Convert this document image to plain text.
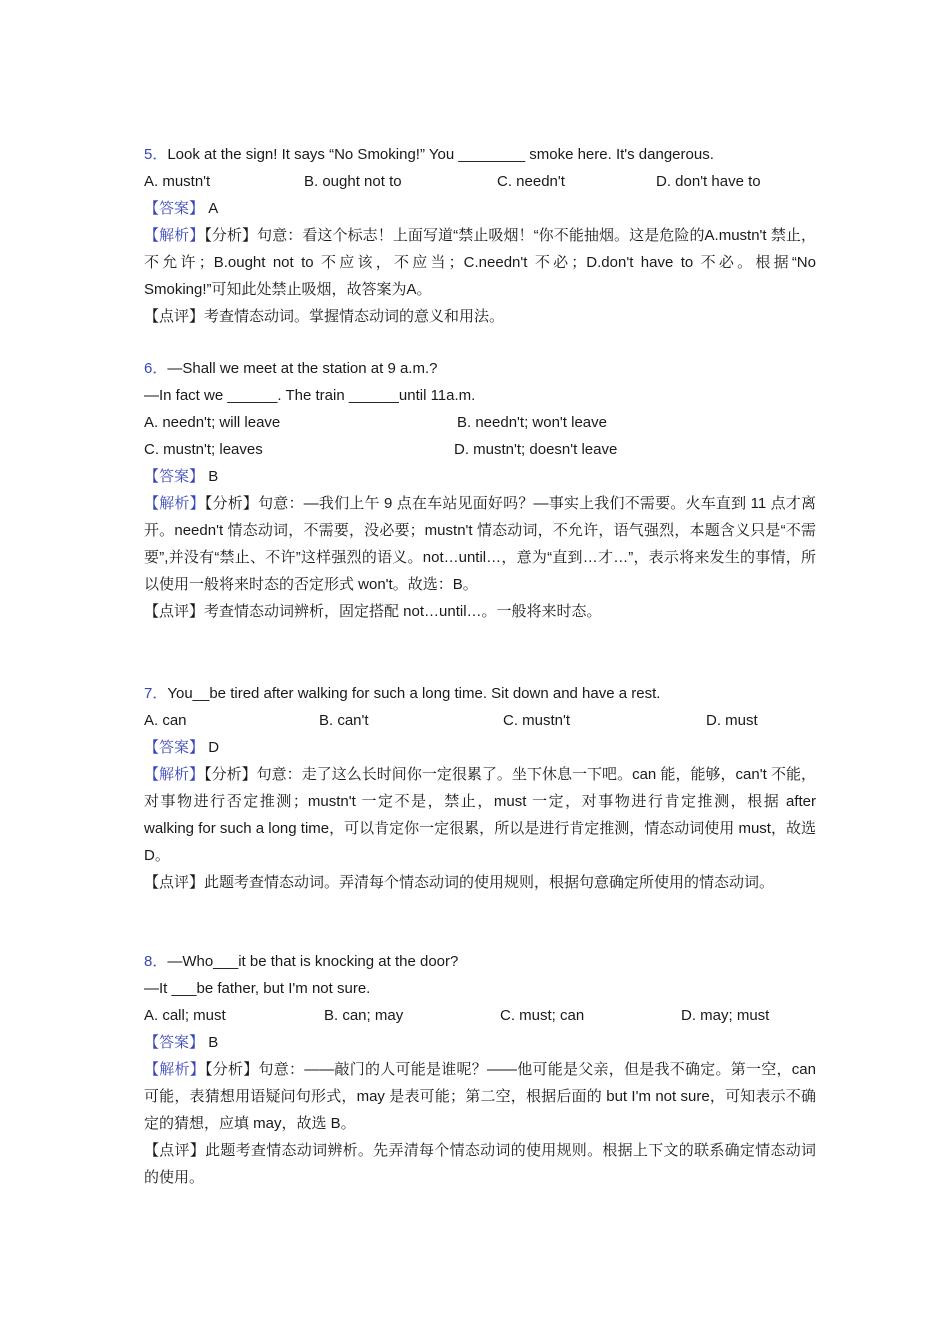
5．Look at the sign! It says “No Smoking!” You ________ smoke here. It's dangerous.
A. mustn't	B. ought not to	C. needn't	D. don't have to
【答案】 A
【解析】【分析】句意：看这个标志！上面写道“禁止吸烟！“你不能抽烟。这是危险的A.mustn't 禁止，不允许；B.ought not to 不应该，不应当；C.needn't 不必；D.don't have to 不必。根据“No Smoking!”可知此处禁止吸烟，故答案为A。
【点评】考查情态动词。掌握情态动词的意义和用法。
6．—Shall we meet at the station at 9 a.m.?
—In fact we ______. The train ______until 11a.m.
A. needn't; will leave	B. needn't; won't leave
C. mustn't; leaves	D. mustn't; doesn't leave
【答案】 B
【解析】【分析】句意：—我们上午 9 点在车站见面好吗？—事实上我们不需要。火车直到 11 点才离开。needn't 情态动词，不需要，没必要；mustn't 情态动词，不允许，语气强烈，本题含义只是“不需要”,并没有“禁止、不许”这样强烈的语义。not…until…，意为“直到…才…”，表示将来发生的事情，所以使用一般将来时态的否定形式 won't。故选：B。
【点评】考查情态动词辨析，固定搭配 not…until…。一般将来时态。
7．You__be tired after walking for such a long time. Sit down and have a rest.
A. can	B. can't	C. mustn't	D. must
【答案】 D
【解析】【分析】句意：走了这么长时间你一定很累了。坐下休息一下吧。can 能，能够，can't 不能，对事物进行否定推测；mustn't 一定不是，禁止，must 一定，对事物进行肯定推测，根据 after walking for such a long time，可以肯定你一定很累，所以是进行肯定推测，情态动词使用 must，故选 D。
【点评】此题考查情态动词。弄清每个情态动词的使用规则，根据句意确定所使用的情态动词。
8．—Who___it be that is knocking at the door?
—It ___be father, but I'm not sure.
A. call; must	B. can; may	C. must; can	D. may; must
【答案】 B
【解析】【分析】句意：——敲门的人可能是谁呢？——他可能是父亲，但是我不确定。第一空，can 可能，表猜想用语疑问句形式，may 是表可能；第二空，根据后面的 but I'm not sure，可知表示不确定的猜想，应填 may，故选 B。
【点评】此题考查情态动词辨析。先弄清每个情态动词的使用规则。根据上下文的联系确定情态动词的使用。
